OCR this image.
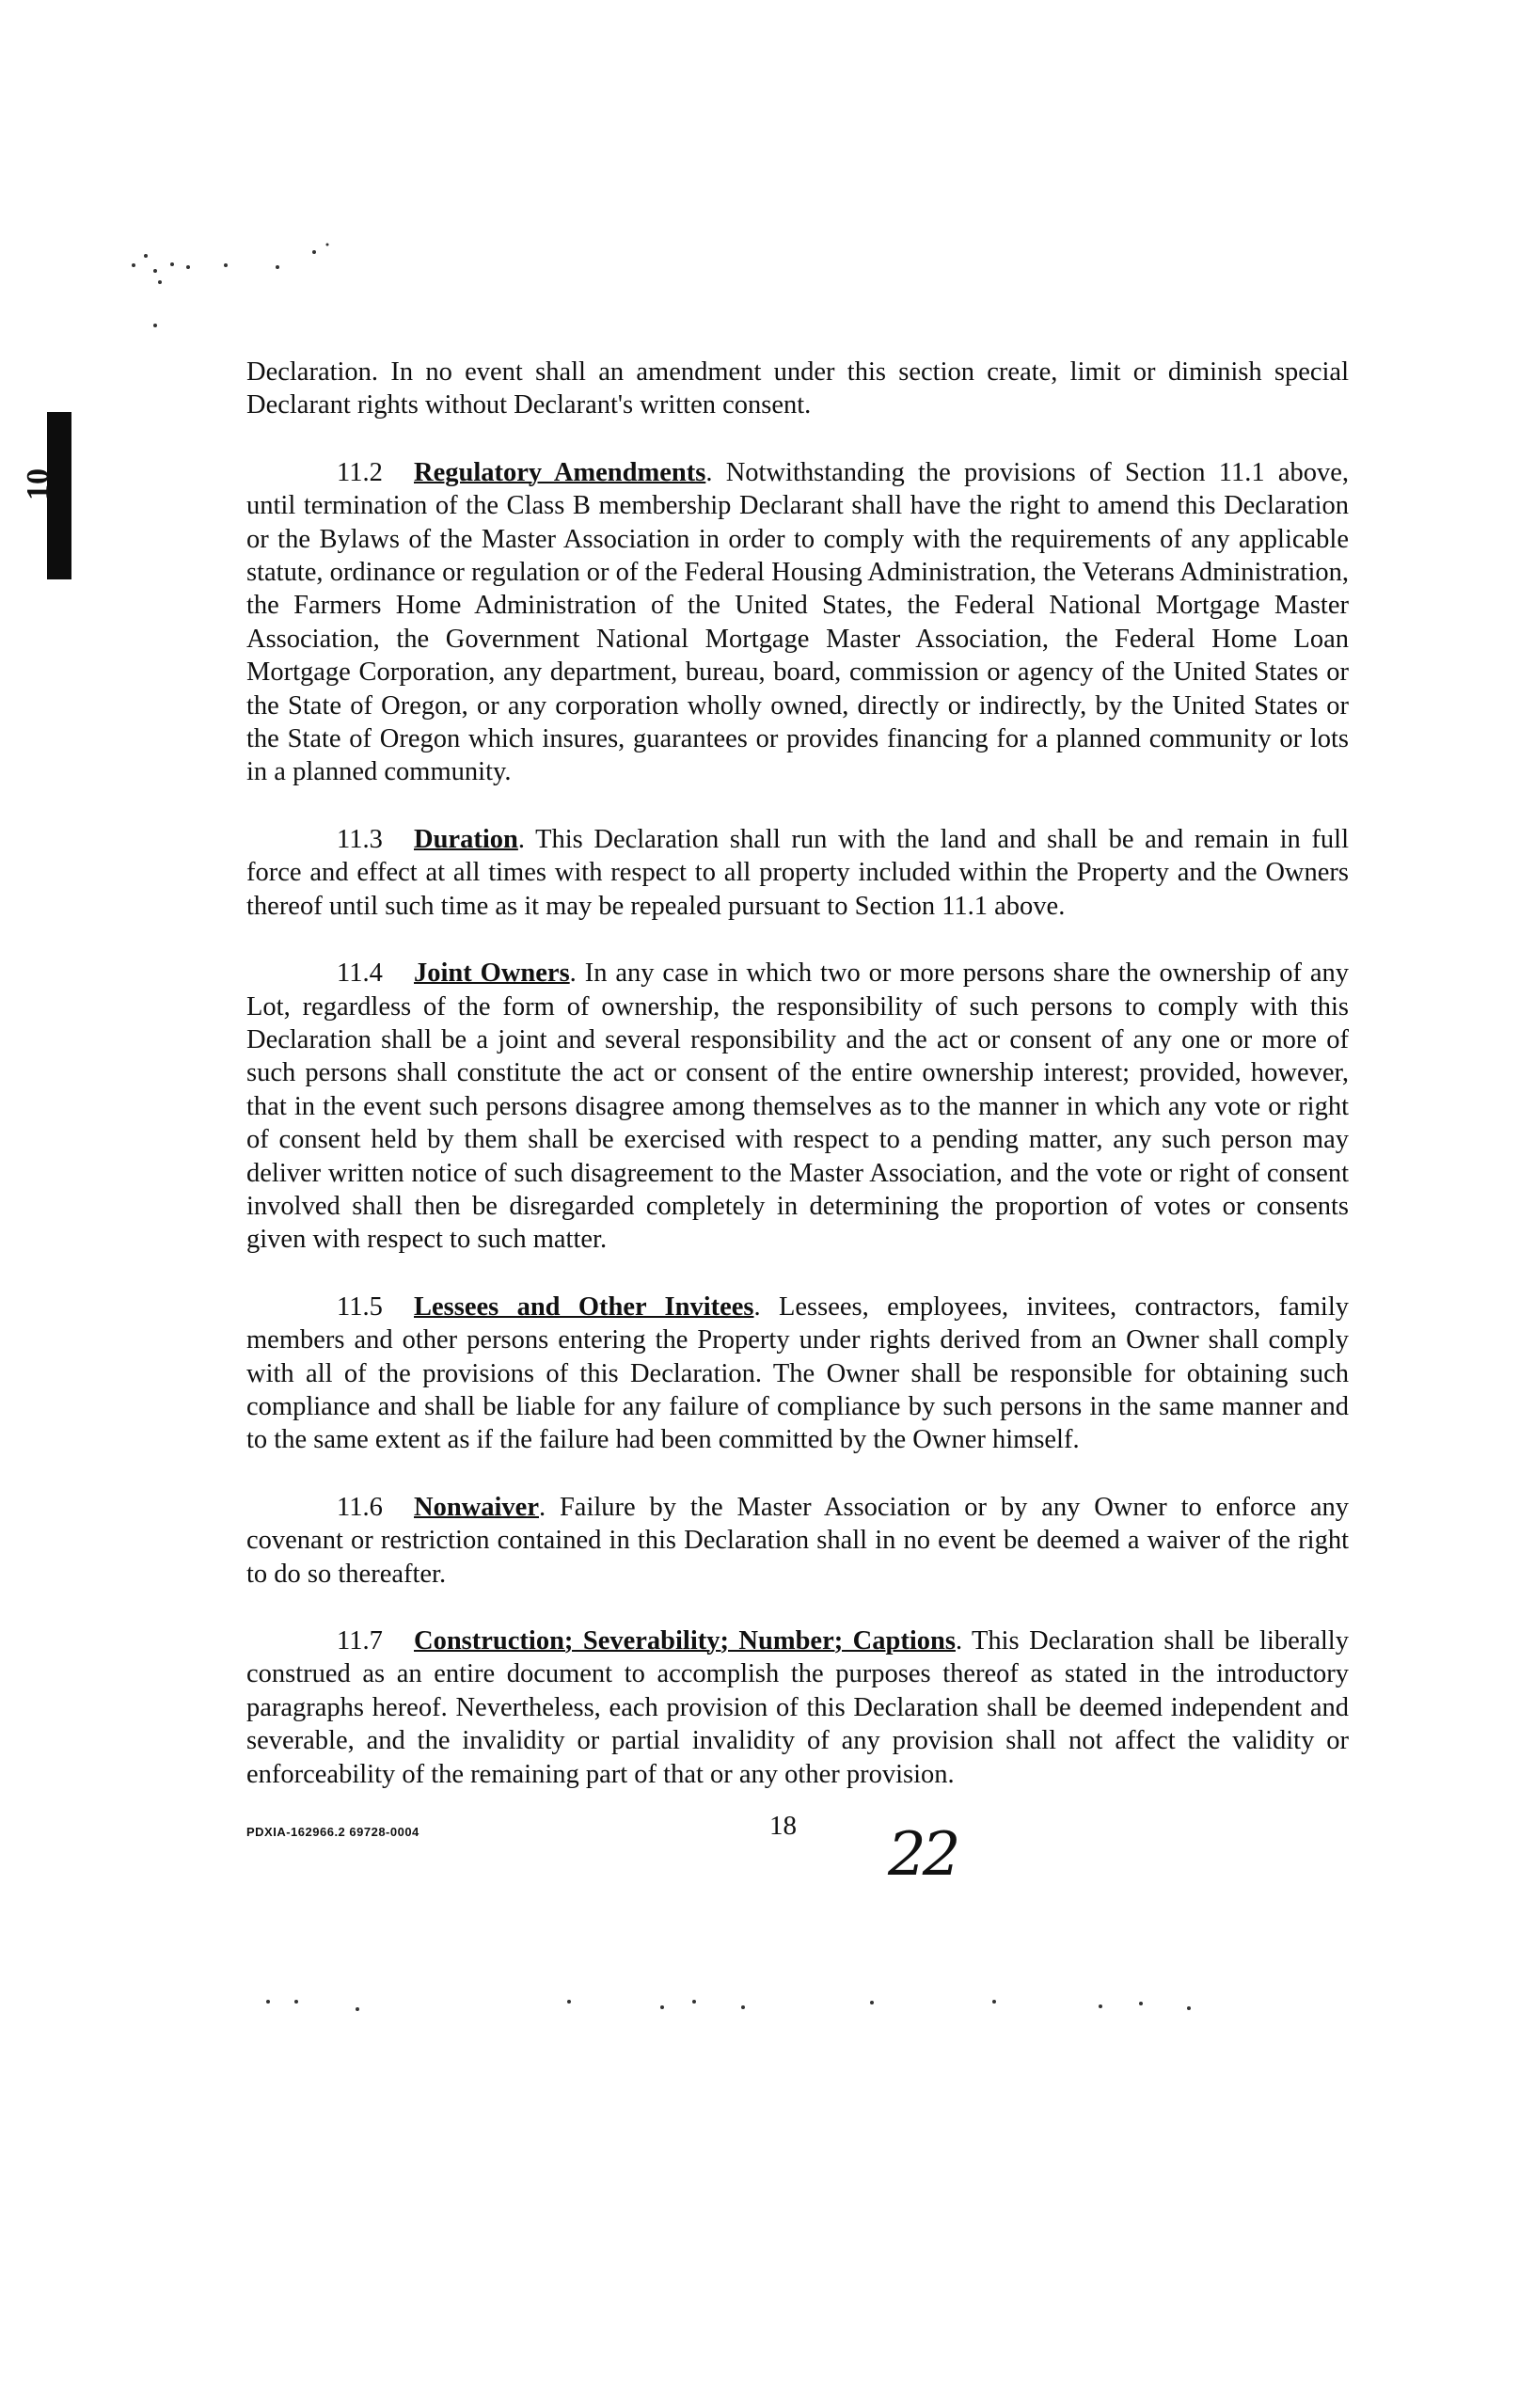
10

Declaration. In no event shall an amendment under this section create, limit or diminish special Declarant rights without Declarant's written consent.

11.2 Regulatory Amendments. Notwithstanding the provisions of Section 11.1 above, until termination of the Class B membership Declarant shall have the right to amend this Declaration or the Bylaws of the Master Association in order to comply with the requirements of any applicable statute, ordinance or regulation or of the Federal Housing Administration, the Veterans Administration, the Farmers Home Administration of the United States, the Federal National Mortgage Master Association, the Government National Mortgage Master Association, the Federal Home Loan Mortgage Corporation, any department, bureau, board, commission or agency of the United States or the State of Oregon, or any corporation wholly owned, directly or indirectly, by the United States or the State of Oregon which insures, guarantees or provides financing for a planned community or lots in a planned community.

11.3 Duration. This Declaration shall run with the land and shall be and remain in full force and effect at all times with respect to all property included within the Property and the Owners thereof until such time as it may be repealed pursuant to Section 11.1 above.

11.4 Joint Owners. In any case in which two or more persons share the ownership of any Lot, regardless of the form of ownership, the responsibility of such persons to comply with this Declaration shall be a joint and several responsibility and the act or consent of any one or more of such persons shall constitute the act or consent of the entire ownership interest; provided, however, that in the event such persons disagree among themselves as to the manner in which any vote or right of consent held by them shall be exercised with respect to a pending matter, any such person may deliver written notice of such disagreement to the Master Association, and the vote or right of consent involved shall then be disregarded completely in determining the proportion of votes or consents given with respect to such matter.

11.5 Lessees and Other Invitees. Lessees, employees, invitees, contractors, family members and other persons entering the Property under rights derived from an Owner shall comply with all of the provisions of this Declaration. The Owner shall be responsible for obtaining such compliance and shall be liable for any failure of compliance by such persons in the same manner and to the same extent as if the failure had been committed by the Owner himself.

11.6 Nonwaiver. Failure by the Master Association or by any Owner to enforce any covenant or restriction contained in this Declaration shall in no event be deemed a waiver of the right to do so thereafter.

11.7 Construction; Severability; Number; Captions. This Declaration shall be liberally construed as an entire document to accomplish the purposes thereof as stated in the introductory paragraphs hereof. Nevertheless, each provision of this Declaration shall be deemed independent and severable, and the invalidity or partial invalidity of any provision shall not affect the validity or enforceability of the remaining part of that or any other provision.

PDXIA-162966.2 69728-0004	18 22
